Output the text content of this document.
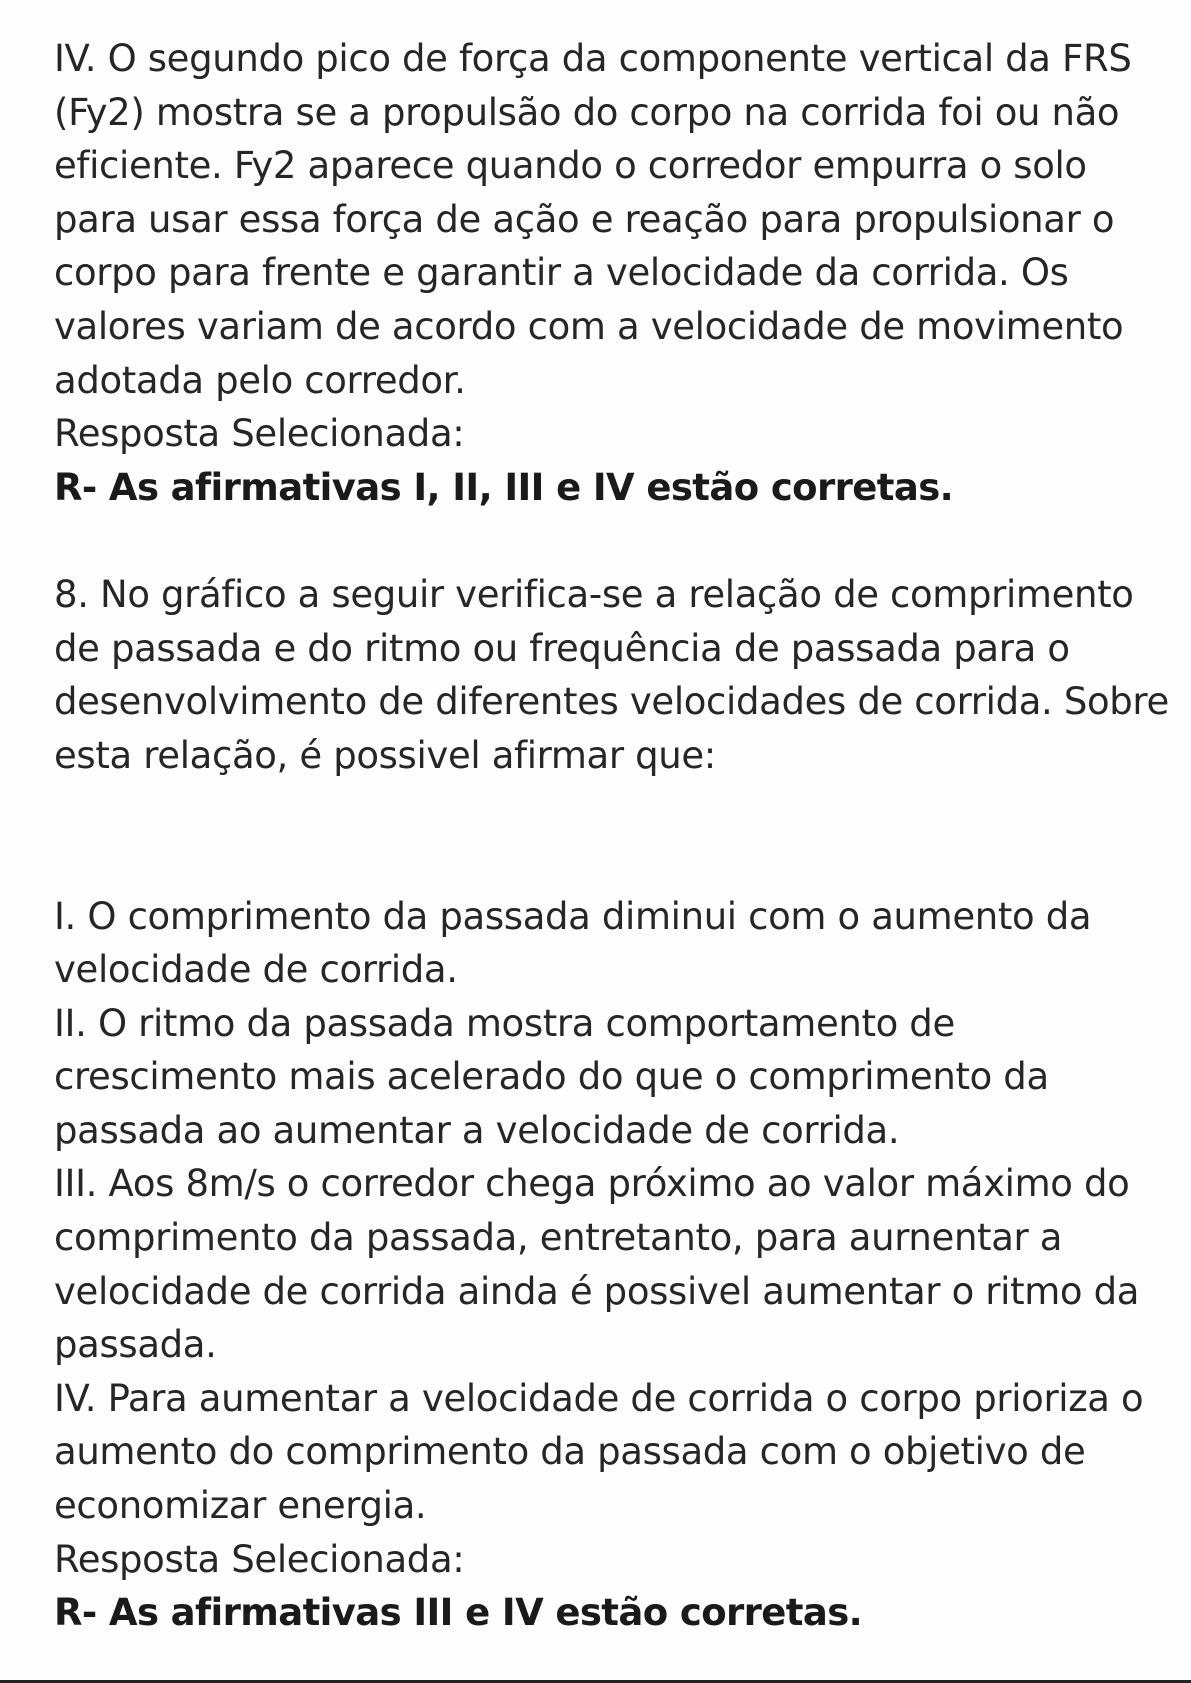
IV. O segundo pico de força da componente vertical da FRS
(Fy2) mostra se a propulsão do corpo na corrida foi ou não
eficiente. Fy2 aparece quando o corredor empurra o solo
para usar essa força de ação e reação para propulsionar o
corpo para frente e garantir a velocidade da corrida. Os
valores variam de acordo com a velocidade de movimento
adotada pelo corredor.
Resposta Selecionada:
R- As afirmativas I, II, III e IV estão corretas.
8. No gráfico a seguir verifica-se a relação de comprimento
de passada e do ritmo ou frequência de passada para o
desenvolvimento de diferentes velocidades de corrida. Sobre
esta relação, é possivel afirmar que:
I. O comprimento da passada diminui com o aumento da
velocidade de corrida.
II. O ritmo da passada mostra comportamento de
crescimento mais acelerado do que o comprimento da
passada ao aumentar a velocidade de corrida.
III. Aos 8m/s o corredor chega próximo ao valor máximo do
comprimento da passada, entretanto, para aurnentar a
velocidade de corrida ainda é possivel aumentar o ritmo da
passada.
IV. Para aumentar a velocidade de corrida o corpo prioriza o
aumento do comprimento da passada com o objetivo de
economizar energia.
Resposta Selecionada:
R- As afirmativas III e IV estão corretas.
